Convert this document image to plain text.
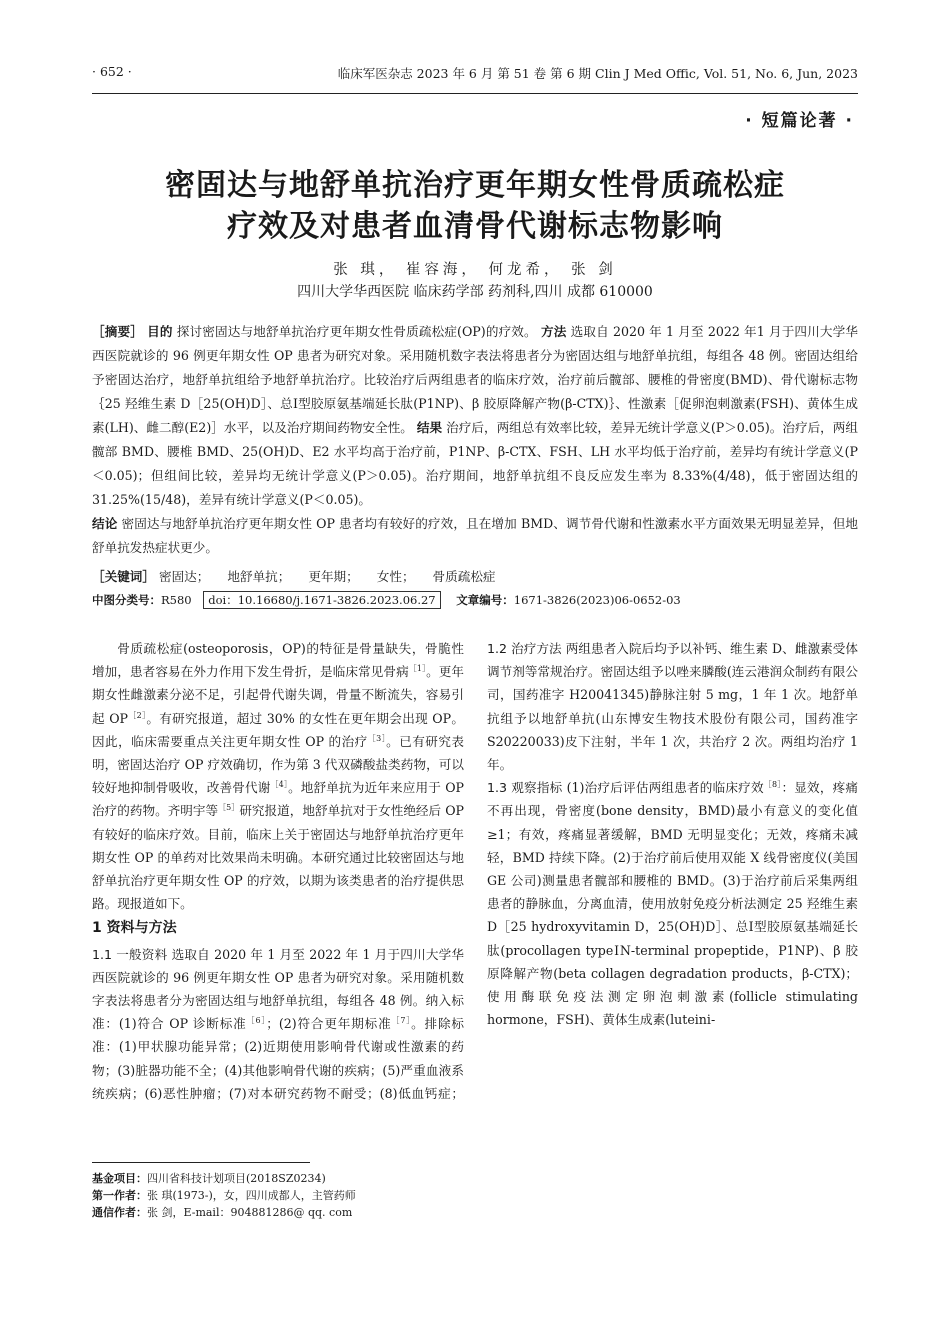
· 652 ·	临床军医杂志 2023 年 6 月 第 51 卷 第 6 期 Clin J Med Offic, Vol. 51, No. 6, Jun, 2023
· 短篇论著 ·
密固达与地舒单抗治疗更年期女性骨质疏松症
疗效及对患者血清骨代谢标志物影响
张 琪， 崔容海， 何龙希， 张 剑
四川大学华西医院 临床药学部 药剂科,四川 成都 610000
［摘要］ 目的 探讨密固达与地舒单抗治疗更年期女性骨质疏松症(OP)的疗效。 方法 选取自 2020 年 1 月至 2022 年1 月于四川大学华西医院就诊的 96 例更年期女性 OP 患者为研究对象。采用随机数字表法将患者分为密固达组与地舒单抗组，每组各 48 例。密固达组给予密固达治疗，地舒单抗组给予地舒单抗治疗。比较治疗后两组患者的临床疗效，治疗前后髋部、腰椎的骨密度(BMD)、骨代谢标志物｛25 羟维生素 D［25(OH)D］、总Ⅰ型胶原氨基端延长肽(P1NP)、β 胶原降解产物(β-CTX)｝、性激素［促卵泡刺激素(FSH)、黄体生成素(LH)、雌二醇(E2)］水平，以及治疗期间药物安全性。 结果 治疗后，两组总有效率比较，差异无统计学意义(P＞0.05)。治疗后，两组髋部 BMD、腰椎 BMD、25(OH)D、E2 水平均高于治疗前，P1NP、β-CTX、FSH、LH 水平均低于治疗前，差异均有统计学意义(P＜0.05)；但组间比较，差异均无统计学意义(P＞0.05)。治疗期间，地舒单抗组不良反应发生率为 8.33%(4/48)，低于密固达组的 31.25%(15/48)，差异有统计学意义(P＜0.05)。
结论 密固达与地舒单抗治疗更年期女性 OP 患者均有较好的疗效，且在增加 BMD、调节骨代谢和性激素水平方面效果无明显差异，但地舒单抗发热症状更少。
［关键词］ 密固达； 地舒单抗； 更年期； 女性； 骨质疏松症
中图分类号：R580 doi：10.16680/j.1671-3826.2023.06.27 文章编号：1671-3826(2023)06-0652-03

骨质疏松症(osteoporosis，OP)的特征是骨量缺失，骨脆性增加，患者容易在外力作用下发生骨折，是临床常见骨病$^{[1]}$。更年期女性雌激素分泌不足，引起骨代谢失调，骨量不断流失，容易引起 $OP^{[2]}$。有研究报道，超过 30% 的女性在更年期会出现 OP。因此，临床需要重点关注更年期女性 OP 的治疗$^{[3]}$。已有研究表明，密固达治疗 OP 疗效确切，作为第 3 代双磷酸盐类药物，可以较好地抑制骨吸收，改善骨代谢$^{[4]}$。地舒单抗为近年来应用于 OP 治疗的药物。齐明宇等$^{[5]}$研究报道，地舒单抗对于女性绝经后 OP 有较好的临床疗效。目前，临床上关于密固达与地舒单抗治疗更年期女性 OP 的单药对比效果尚未明确。本研究通过比较密固达与地舒单抗治疗更年期女性 OP 的疗效，以期为该类患者的治疗提供思路。现报道如下。

1 资料与方法

1.1 一般资料 选取自 2020 年 1 月至 2022 年 1 月于四川大学华西医院就诊的 96 例更年期女性 OP 患者为研究对象。采用随机数字表法将患者分为密固达组与地舒单抗组，每组各 48 例。纳入标准：(1)符合 OP 诊断标准$^{[6]}$；(2)符合更年期标准$^{[7]}$。排除标准：(1)甲状腺功能异常；(2)近期使用影响骨代谢或性激素的药物；(3)脏器功能不全；(4)其他影响骨代谢的疾病；(5)严重血液系统疾病；(6)恶性肿瘤；(7)对本研究药物不耐受；(8)低血钙症；

基金项目：四川省科技计划项目(2018SZ0234)
第一作者：张 琪(1973-)，女，四川成都人，主管药师
通信作者：张 剑，E-mail：904881286@ qq. com

1.2 治疗方法 两组患者入院后均予以补钙、维生素 D、雌激素受体调节剂等常规治疗。密固达组予以唑来膦酸(连云港润众制药有限公司，国药准字 H20041345)静脉注射 5 mg，1 年 1 次。地舒单抗组予以地舒单抗(山东博安生物技术股份有限公司，国药准字 S20220033)皮下注射，半年 1 次，共治疗 2 次。两组均治疗 1 年。

1.3 观察指标 (1)治疗后评估两组患者的临床疗效$^{[8]}$：显效，疼痛不再出现，骨密度(bone density，BMD)最小有意义的变化值≥1；有效，疼痛显著缓解，BMD 无明显变化；无效，疼痛未减轻，BMD 持续下降。(2)于治疗前后使用双能 X 线骨密度仪(美国 GE 公司)测量患者髋部和腰椎的 BMD。(3)于治疗前后采集两组患者的静脉血，分离血清，使用放射免疫分析法测定 25 羟维生素 D［25 hydroxyvitamin D，25(OH)D］、总Ⅰ型胶原氨基端延长肽(procollagen typeⅠN-terminal propeptide，P1NP)、β 胶原降解产物(beta collagen degradation products，β-CTX)；使用酶联免疫法测定卵泡刺激素(follicle stimulating hormone，FSH)、黄体生成素(luteini-
